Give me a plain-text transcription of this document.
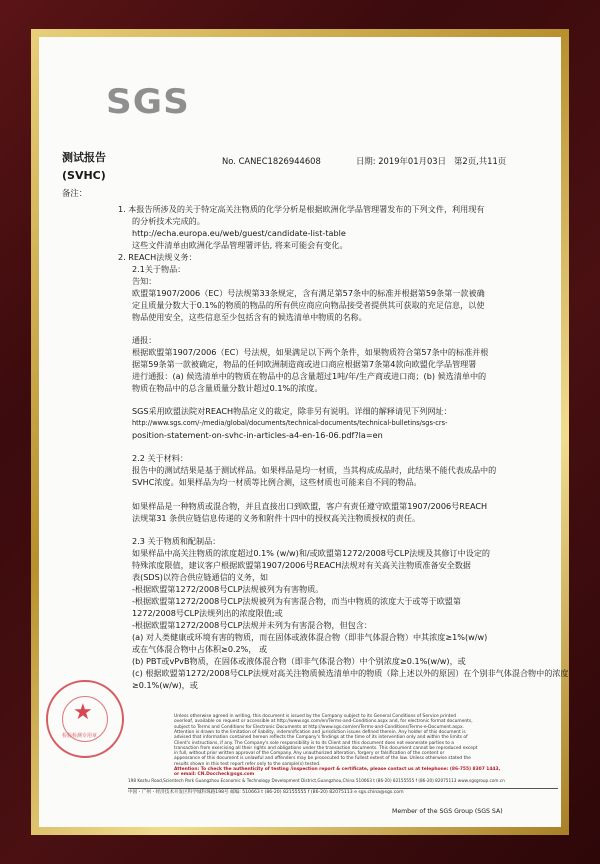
SGS
测试报告
(SVHC)
No. CANEC1826944608	日期: 2019年01月03日 第2页,共11页
备注：
1. 本报告所涉及的关于特定高关注物质的化学分析是根据欧洲化学品管理署发布的下列文件，利用现有
的分析技术完成的。
http://echa.europa.eu/web/guest/candidate-list-table
这些文件清单由欧洲化学品管理署评估, 将来可能会有变化。
2. REACH法规义务：
2.1关于物品：
告知：
欧盟第1907/2006（EC）号法规第33条规定，含有满足第57条中的标准并根据第59条第一款被确
定且质量分数大于0.1%的物质的物品的所有供应商应向物品接受者提供其可获取的充足信息，以使
物品使用安全，这些信息至少包括含有的候选清单中物质的名称。
通报：
根据欧盟第1907/2006（EC）号法规，如果满足以下两个条件，如果物质符合第57条中的标准并根
据第59条第一款被确定，物品的任何欧洲制造商或进口商应根据第7条第4款向欧盟化学品管理署
进行通报：(a) 候选清单中的物质在物品中的总含量超过1吨/年/生产商或进口商；(b) 候选清单中的
物质在物品中的总含量质量分数计超过0.1%的浓度。
SGS采用欧盟法院对REACH物品定义的裁定，除非另有说明。详细的解释请见下列网址：
http://www.sgs.com/-/media/global/documents/technical-documents/technical-bulletins/sgs-crs-
position-statement-on-svhc-in-articles-a4-en-16-06.pdf?la=en
2.2 关于材料：
报告中的测试结果是基于测试样品。如果样品是均一材质，当其构成成品时，此结果不能代表成品中的
SVHC浓度。如果样品为均一材质等比例合测，这些材质也可能来自不同的物品。
如果样品是一种物质或混合物，并且直接出口到欧盟，客户有责任遵守欧盟第1907/2006号REACH
法规第31 条供应链信息传递的义务和附件十四中的授权高关注物质授权的责任。
2.3 关于物质和配制品：
如果样品中高关注物质的浓度超过0.1% (w/w)和/或欧盟第1272/2008号CLP法规及其修订中设定的
特殊浓度限值，建议客户根据欧盟第1907/2006号REACH法规对有关高关注物质准备安全数据
表(SDS)以符合供应链通信的义务，如
-根据欧盟第1272/2008号CLP法规被列为有害物质。
-根据欧盟第1272/2008号CLP法规被列为有害混合物，而当中物质的浓度大于或等于欧盟第
1272/2008号CLP法规列出的浓度限值;或
-根据欧盟第1272/2008号CLP法规并未列为有害混合物，但包含：
(a) 对人类健康或环境有害的物质，而在固体或液体混合物（即非气体混合物）中其浓度≥1%(w/w)
或在气体混合物中占体积≥0.2%， 或
(b) PBT或vPvB物质，在固体或液体混合物（即非气体混合物）中个别浓度≥0.1%(w/w)，或
(c) 根据欧盟第1272/2008号CLP法规对高关注物质候选清单中的物质（除上述以外的原因）在个别非气体混合物中的浓度
≥0.1%(w/w)，或
★
检验检测专用章
Unless otherwise agreed in writing, this document is issued by the Company subject to its General Conditions of Service printed
overleaf, available on request or accessible at http://www.sgs.com/en/Terms-and-Conditions.aspx and, for electronic format documents,
subject to Terms and Conditions for Electronic Documents at http://www.sgs.com/en/Terms-and-Conditions/Terms-e-Document.aspx.
Attention is drawn to the limitation of liability, indemnification and jurisdiction issues defined therein. Any holder of this document is
advised that information contained hereon reflects the Company's findings at the time of its intervention only and within the limits of
Client's instructions, if any. The Company's sole responsibility is to its Client and this document does not exonerate parties to a
transaction from exercising all their rights and obligations under the transaction documents. This document cannot be reproduced except
in full, without prior written approval of the Company. Any unauthorized alteration, forgery or falsification of the content or
appearance of this document is unlawful and offenders may be prosecuted to the fullest extent of the law. Unless otherwise stated the
results shown in this test report refer only to the sample(s) tested.
Attention: To check the authenticity of testing /inspection report & certificate, please contact us at telephone: (86-755) 8307 1443,
or email: CN.Doccheck@sgs.com
198 Kezhu Road,Scientech Park Guangzhou Economic & Technology Development District,Guangzhou,China 510663 t (86-20) 82155555 f (86-20) 82075113 www.sgsgroup.com.cn
中国・广州・经济技术开发区科学城科珠路198号 邮编: 510663 t (86-20) 82155555 f (86-20) 82075113 e sgs.china@sgs.com
Member of the SGS Group (SGS SA)
